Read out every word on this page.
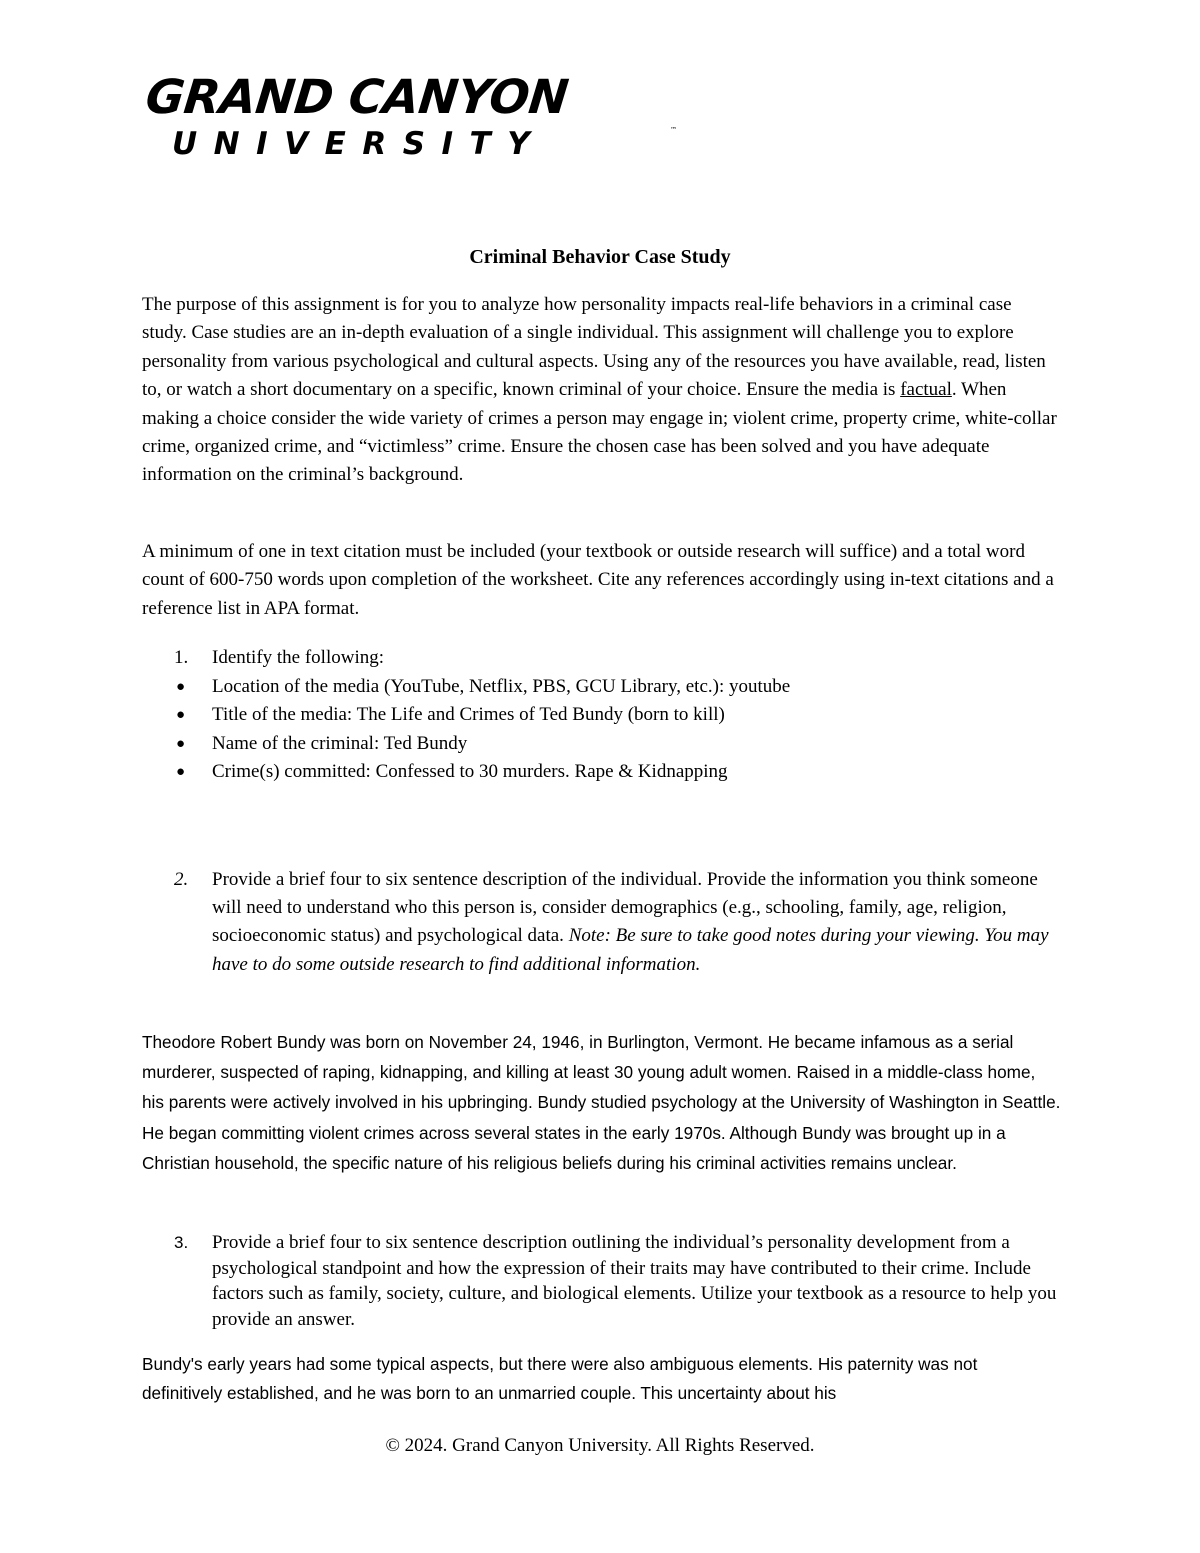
GRAND CANYON
UNIVERSITY	™
Criminal Behavior Case Study

The purpose of this assignment is for you to analyze how personality impacts real-life behaviors in a criminal case study. Case studies are an in-depth evaluation of a single individual. This assignment will challenge you to explore personality from various psychological and cultural aspects. Using any of the resources you have available, read, listen to, or watch a short documentary on a specific, known criminal of your choice. Ensure the media is factual. When making a choice consider the wide variety of crimes a person may engage in; violent crime, property crime, white-collar crime, organized crime, and “victimless” crime. Ensure the chosen case has been solved and you have adequate information on the criminal’s background.

A minimum of one in text citation must be included (your textbook or outside research will suffice) and a total word count of 600-750 words upon completion of the worksheet. Cite any references accordingly using in-text citations and a reference list in APA format.

1. Identify the following:
● Location of the media (YouTube, Netflix, PBS, GCU Library, etc.): youtube
● Title of the media: The Life and Crimes of Ted Bundy (born to kill)
● Name of the criminal: Ted Bundy
● Crime(s) committed: Confessed to 30 murders. Rape & Kidnapping
2. Provide a brief four to six sentence description of the individual. Provide the information you think someone will need to understand who this person is, consider demographics (e.g., schooling, family, age, religion, socioeconomic status) and psychological data. Note: Be sure to take good notes during your viewing. You may have to do some outside research to find additional information.

Theodore Robert Bundy was born on November 24, 1946, in Burlington, Vermont. He became infamous as a serial murderer, suspected of raping, kidnapping, and killing at least 30 young adult women. Raised in a middle-class home, his parents were actively involved in his upbringing. Bundy studied psychology at the University of Washington in Seattle. He began committing violent crimes across several states in the early 1970s. Although Bundy was brought up in a Christian household, the specific nature of his religious beliefs during his criminal activities remains unclear.

3. Provide a brief four to six sentence description outlining the individual’s personality development from a psychological standpoint and how the expression of their traits may have contributed to their crime. Include factors such as family, society, culture, and biological elements. Utilize your textbook as a resource to help you provide an answer.

Bundy's early years had some typical aspects, but there were also ambiguous elements. His paternity was not definitively established, and he was born to an unmarried couple. This uncertainty about his

© 2024. Grand Canyon University. All Rights Reserved.
